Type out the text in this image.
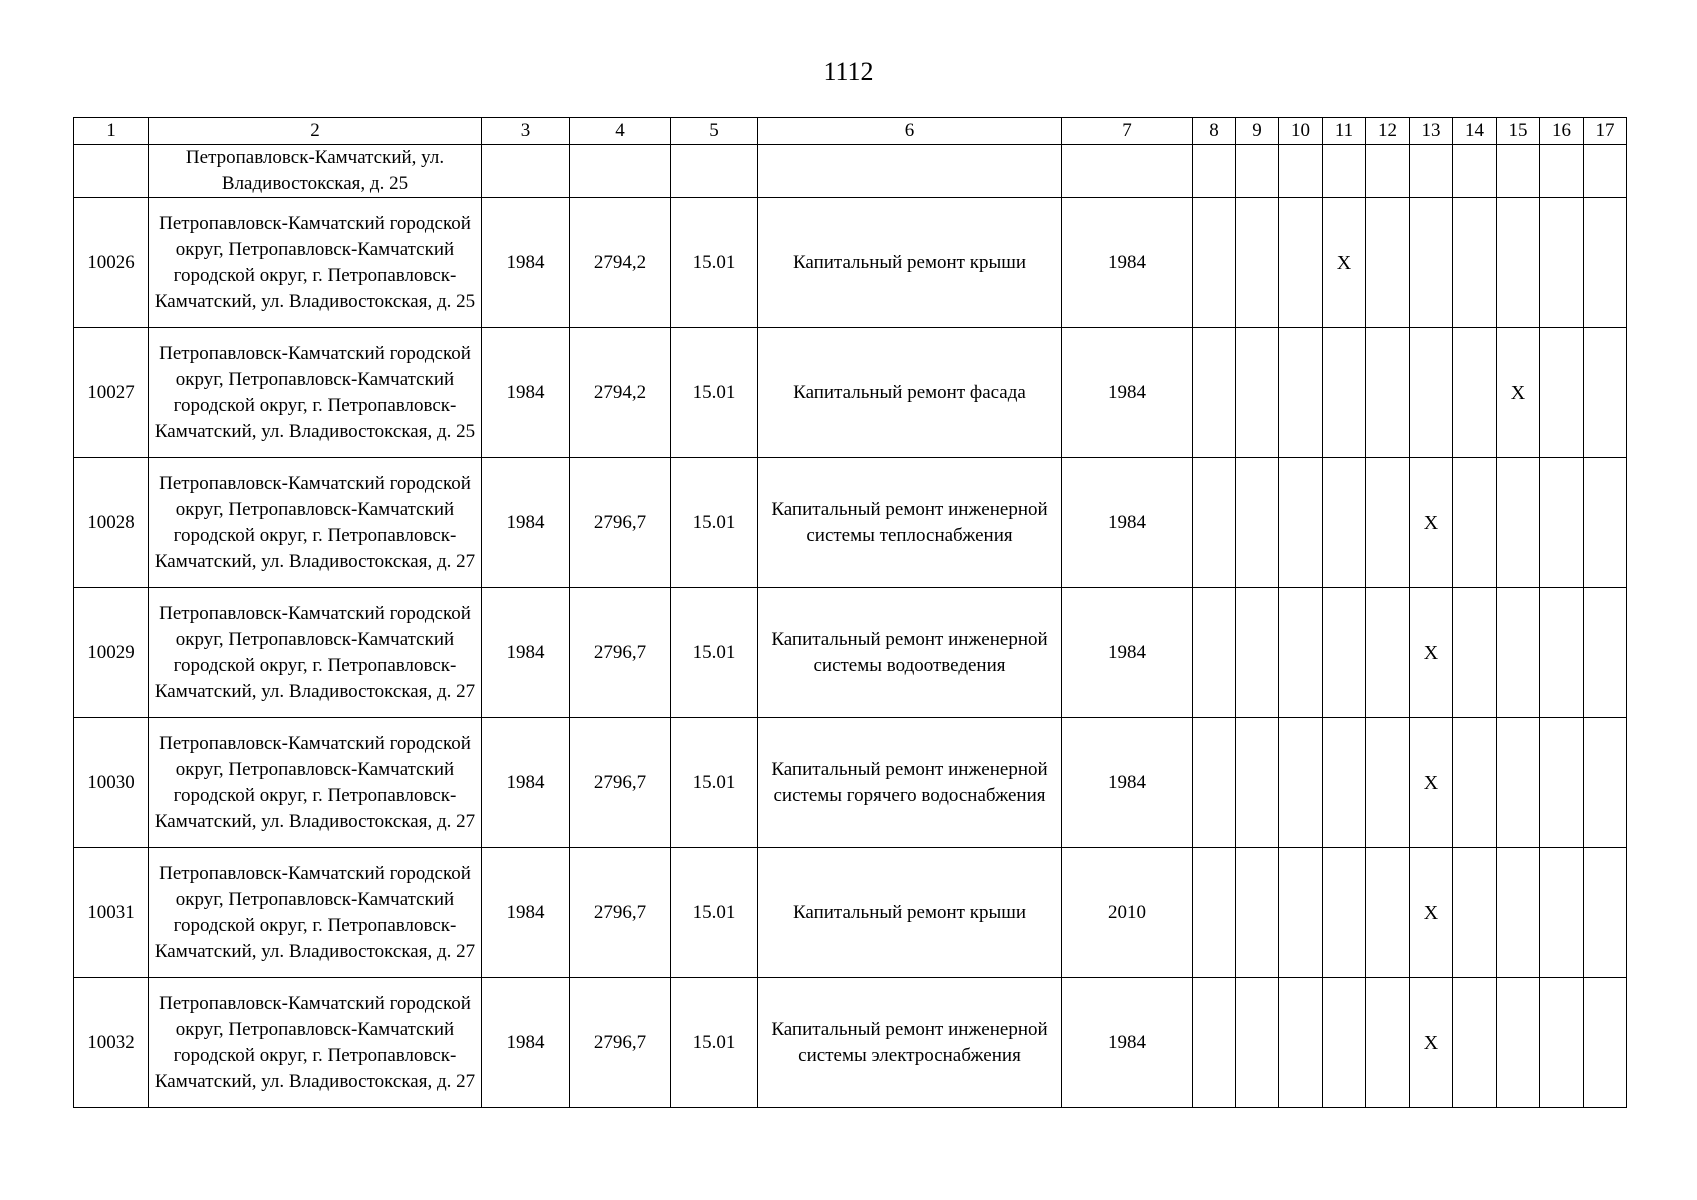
1112
1	2	3	4	5	6	7	8	9	10	11	12	13	14	15	16	17
	Петропавловск-Камчатский, ул. Владивостокская, д. 25															
10026	Петропавловск-Камчатский городской округ, Петропавловск-Камчатский городской округ, г. Петропавловск-Камчатский, ул. Владивостокская, д. 25	1984	2794,2	15.01	Капитальный ремонт крыши	1984				X						
10027	Петропавловск-Камчатский городской округ, Петропавловск-Камчатский городской округ, г. Петропавловск-Камчатский, ул. Владивостокская, д. 25	1984	2794,2	15.01	Капитальный ремонт фасада	1984								X		
10028	Петропавловск-Камчатский городской округ, Петропавловск-Камчатский городской округ, г. Петропавловск-Камчатский, ул. Владивостокская, д. 27	1984	2796,7	15.01	Капитальный ремонт инженерной системы теплоснабжения	1984						X				
10029	Петропавловск-Камчатский городской округ, Петропавловск-Камчатский городской округ, г. Петропавловск-Камчатский, ул. Владивостокская, д. 27	1984	2796,7	15.01	Капитальный ремонт инженерной системы водоотведения	1984						X				
10030	Петропавловск-Камчатский городской округ, Петропавловск-Камчатский городской округ, г. Петропавловск-Камчатский, ул. Владивостокская, д. 27	1984	2796,7	15.01	Капитальный ремонт инженерной системы горячего водоснабжения	1984						X				
10031	Петропавловск-Камчатский городской округ, Петропавловск-Камчатский городской округ, г. Петропавловск-Камчатский, ул. Владивостокская, д. 27	1984	2796,7	15.01	Капитальный ремонт крыши	2010						X				
10032	Петропавловск-Камчатский городской округ, Петропавловск-Камчатский городской округ, г. Петропавловск-Камчатский, ул. Владивостокская, д. 27	1984	2796,7	15.01	Капитальный ремонт инженерной системы электроснабжения	1984						X				
